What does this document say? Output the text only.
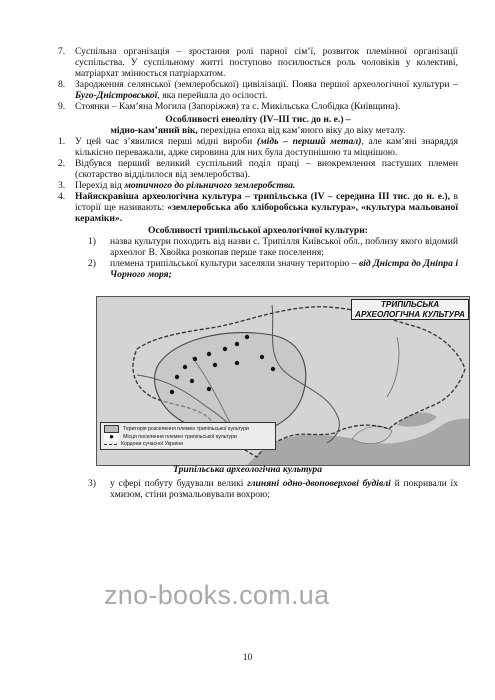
7.	Суспільна організація – зростання ролі парної сім’ї, розвиток племінної організації суспільства. У суспільному житті поступово посилюється роль чоловіків у колективі, матріархат змінюється патріархатом.
8.	Зародження селянської (землеробської) цивілізації. Поява першої археологічної культури – Бугo-Дністровської, яка перейшла до осілості.
9.	Стоянки – Кам’яна Могила (Запоріжжя) та с. Микільська Слобідка (Київщина).
Особливості енеоліту (IV–III тис. до н. е.) –
мідно-кам’яний вік, перехідна епоха від кам’яного віку до віку металу.
1.	У цей час з’явилися перші мідні вироби (мідь – перший метал), але кам’яні знаряддя кількісно переважали, адже сировина для них була доступнішою та міцнішою.
2.	Відбувся перший великий суспільний поділ праці – виокремлення пастуших племен (скотарство відділилося від землеробства).
3.	Перехід від мотичного до рільничого землеробства.
4.	Найяскравіша археологічна культура – трипільська (IV – середина III тис. до н. е.), в історії ще називають: «землеробська або хліборобська культура», «культура мальованої кераміки».
Особливості трипільської археологічної культури:
1)	назва культури походить від назви с. Трипілля Київської обл., поблизу якого відомий археолог В. Хвойка розкопав перше таке поселення;
2)	племена трипільської культури заселяли значну територію – від Дністра до Дніпра і Чорного моря;
ТРИПІЛЬСЬКА АРХЕОЛОГІЧНА КУЛЬТУРА
Територія розселення племен трипільської культури
●	Місця поселення племен трипільської культури
Кордони сучасної України
Трипільська археологічна культура
3)	у сфері побуту будували великі глиняні одно-двоповерхові будівлі й покривали їх хмизом, стіни розмальовували вохрою;
zno-books.com.ua
10
